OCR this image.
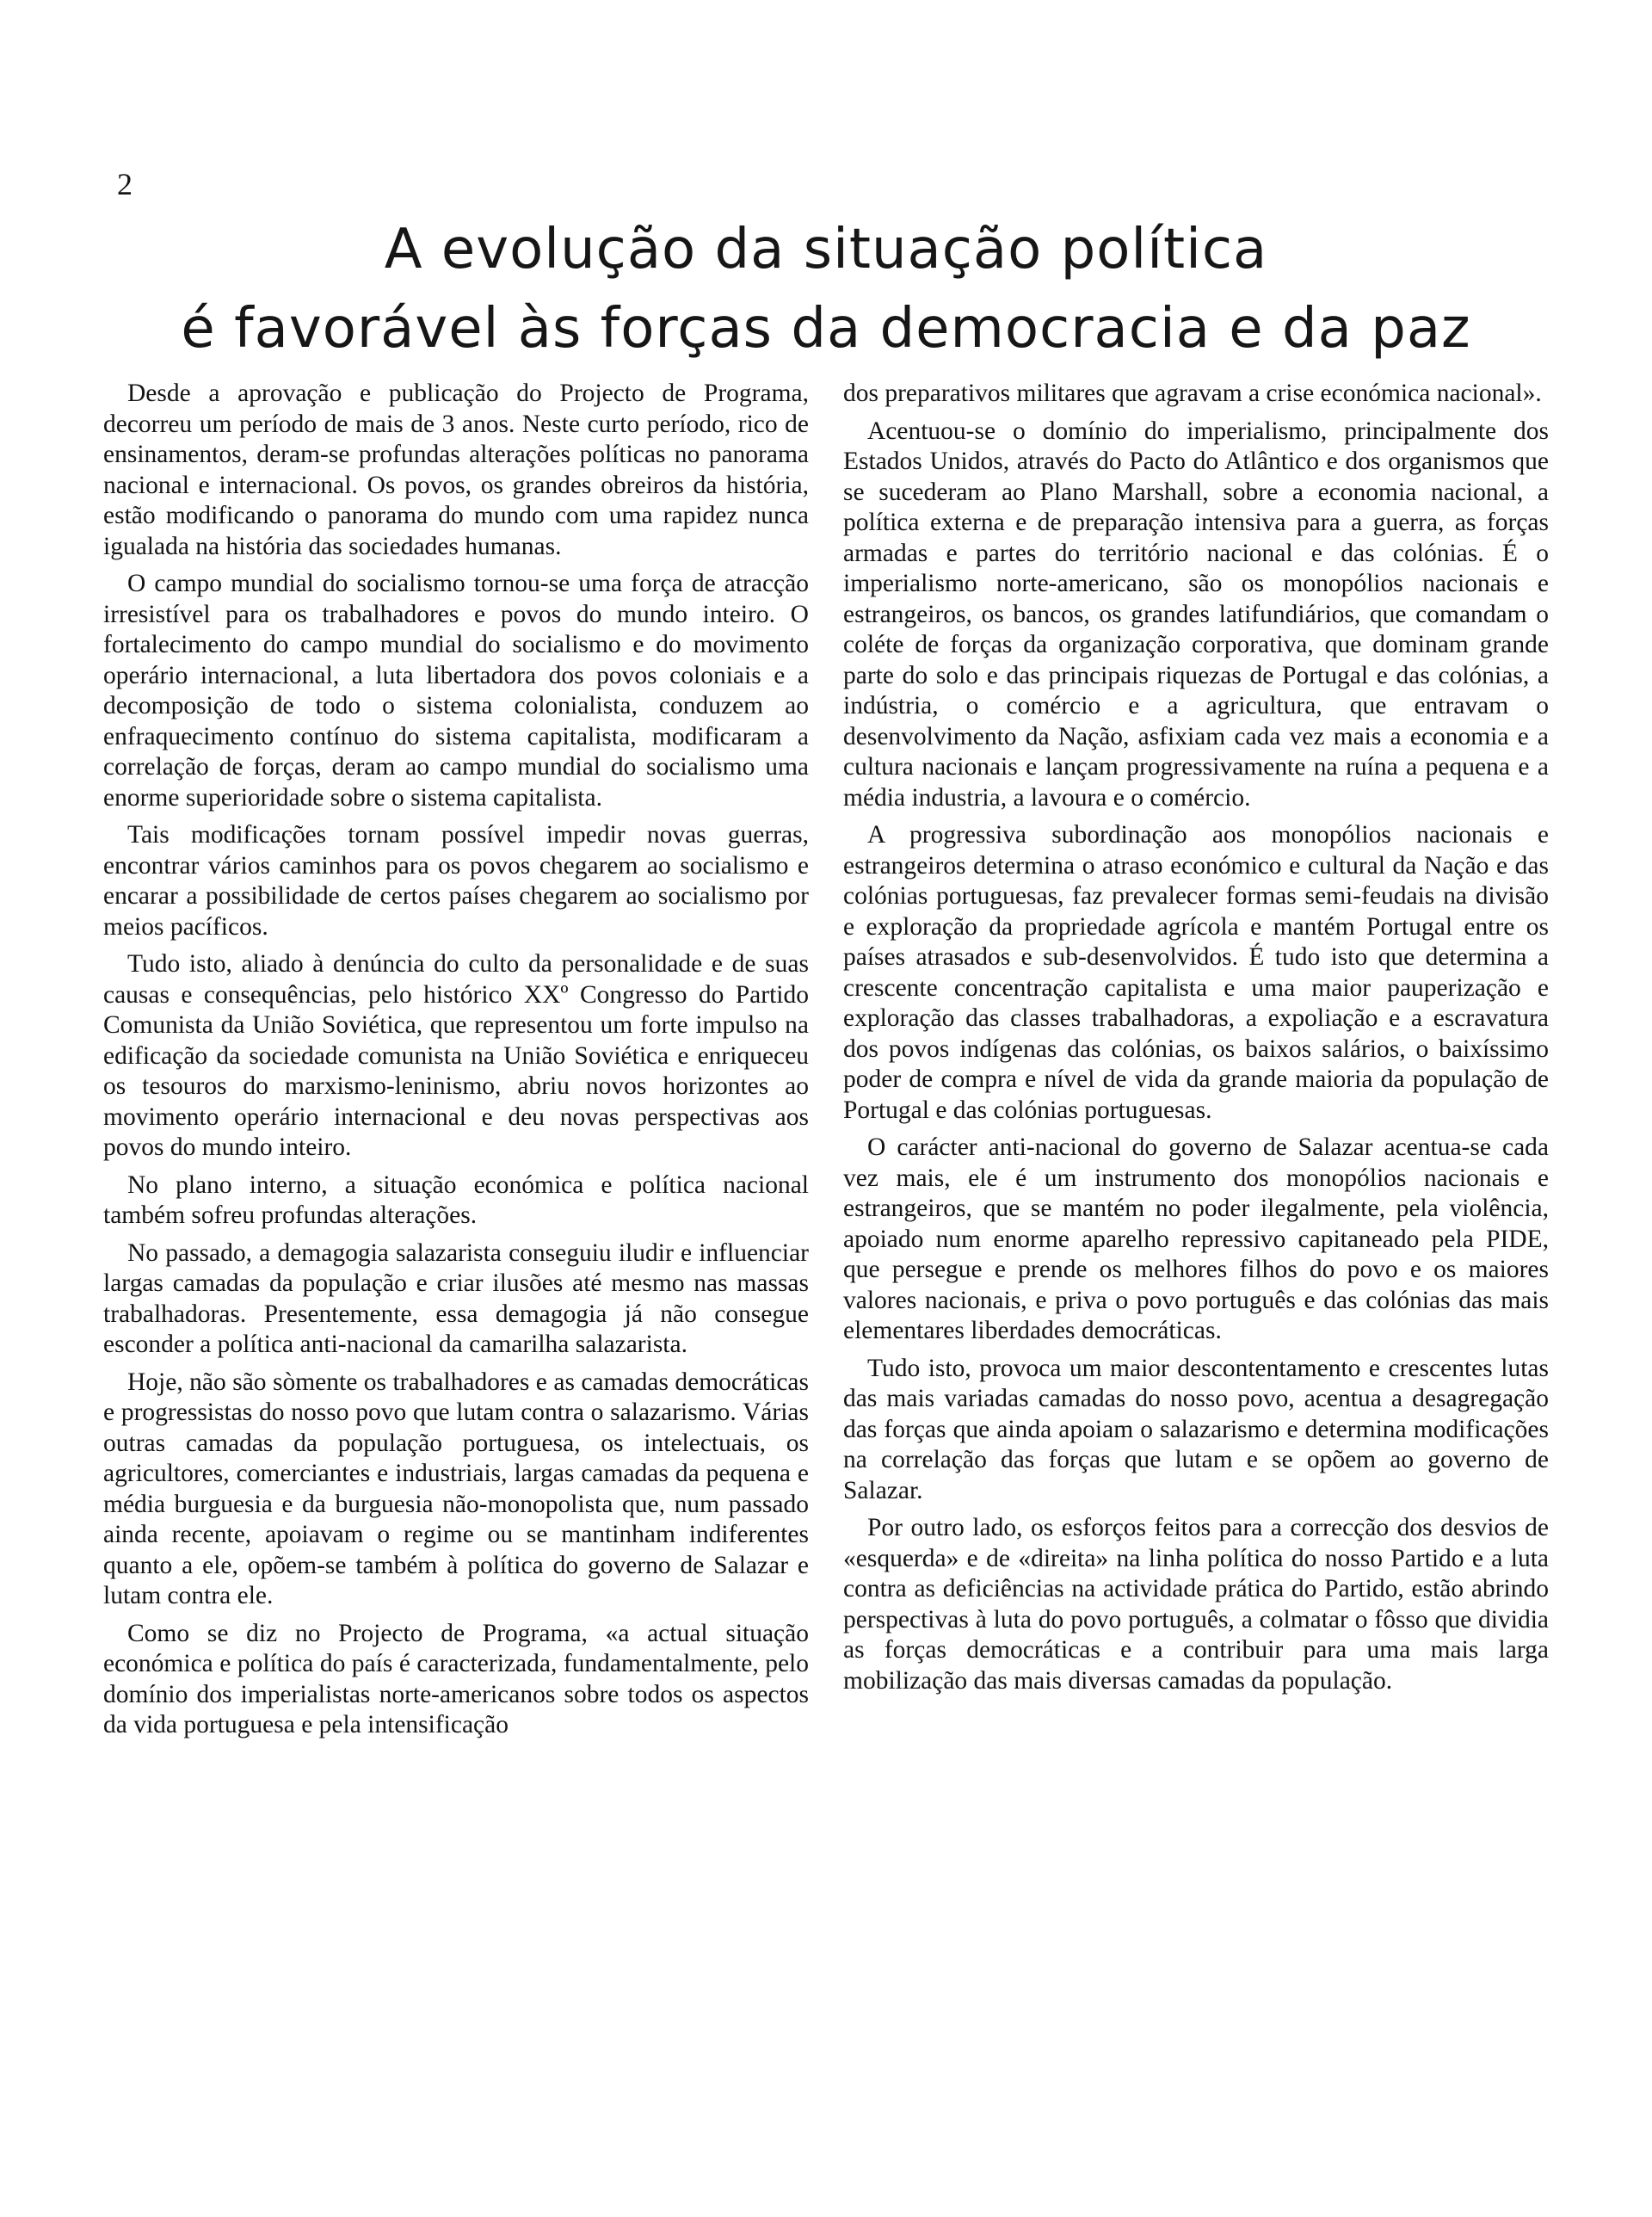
2
A evolução da situação política
é favorável às forças da democracia e da paz

Desde a aprovação e publicação do Projecto de Programa, decorreu um período de mais de 3 anos. Neste curto período, rico de ensinamentos, deram-se profundas alterações políticas no panorama nacional e internacional. Os povos, os grandes obreiros da história, estão modificando o panorama do mundo com uma rapidez nunca igualada na história das sociedades humanas.

O campo mundial do socialismo tornou-se uma força de atracção irresistível para os trabalhadores e povos do mundo inteiro. O fortalecimento do campo mundial do socialismo e do movimento operário internacional, a luta libertadora dos povos coloniais e a decomposição de todo o sistema colonialista, conduzem ao enfraquecimento contínuo do sistema capitalista, modificaram a correlação de forças, deram ao campo mundial do socialismo uma enorme superioridade sobre o sistema capitalista.

Tais modificações tornam possível impedir novas guerras, encontrar vários caminhos para os povos chegarem ao socialismo e encarar a possibilidade de certos países chegarem ao socialismo por meios pacíficos.

Tudo isto, aliado à denúncia do culto da personalidade e de suas causas e consequências, pelo histórico XXº Congresso do Partido Comunista da União Soviética, que representou um forte impulso na edificação da sociedade comunista na União Soviética e enriqueceu os tesouros do marxismo-leninismo, abriu novos horizontes ao movimento operário internacional e deu novas perspectivas aos povos do mundo inteiro.

No plano interno, a situação económica e política nacional também sofreu profundas alterações.

No passado, a demagogia salazarista conseguiu iludir e influenciar largas camadas da população e criar ilusões até mesmo nas massas trabalhadoras. Presentemente, essa demagogia já não consegue esconder a política anti-nacional da camarilha salazarista.

Hoje, não são sòmente os trabalhadores e as camadas democráticas e progressistas do nosso povo que lutam contra o salazarismo. Várias outras camadas da população portuguesa, os intelectuais, os agricultores, comerciantes e industriais, largas camadas da pequena e média burguesia e da burguesia não-monopolista que, num passado ainda recente, apoiavam o regime ou se mantinham indiferentes quanto a ele, opõem-se também à política do governo de Salazar e lutam contra ele.

Como se diz no Projecto de Programa, «a actual situação económica e política do país é caracterizada, fundamentalmente, pelo domínio dos imperialistas norte-americanos sobre todos os aspectos da vida portuguesa e pela intensificação

dos preparativos militares que agravam a crise económica nacional».

Acentuou-se o domínio do imperialismo, principalmente dos Estados Unidos, através do Pacto do Atlântico e dos organismos que se sucederam ao Plano Marshall, sobre a economia nacional, a política externa e de preparação intensiva para a guerra, as forças armadas e partes do território nacional e das colónias. É o imperialismo norte-americano, são os monopólios nacionais e estrangeiros, os bancos, os grandes latifundiários, que comandam o coléte de forças da organização corporativa, que dominam grande parte do solo e das principais riquezas de Portugal e das colónias, a indústria, o comércio e a agricultura, que entravam o desenvolvimento da Nação, asfixiam cada vez mais a economia e a cultura nacionais e lançam progressivamente na ruína a pequena e a média industria, a lavoura e o comércio.

A progressiva subordinação aos monopólios nacionais e estrangeiros determina o atraso económico e cultural da Nação e das colónias portuguesas, faz prevalecer formas semi-feudais na divisão e exploração da propriedade agrícola e mantém Portugal entre os países atrasados e sub-desenvolvidos. É tudo isto que determina a crescente concentração capitalista e uma maior pauperização e exploração das classes trabalhadoras, a expoliação e a escravatura dos povos indígenas das colónias, os baixos salários, o baixíssimo poder de compra e nível de vida da grande maioria da população de Portugal e das colónias portuguesas.

O carácter anti-nacional do governo de Salazar acentua-se cada vez mais, ele é um instrumento dos monopólios nacionais e estrangeiros, que se mantém no poder ilegalmente, pela violência, apoiado num enorme aparelho repressivo capitaneado pela PIDE, que persegue e prende os melhores filhos do povo e os maiores valores nacionais, e priva o povo português e das colónias das mais elementares liberdades democráticas.

Tudo isto, provoca um maior descontentamento e crescentes lutas das mais variadas camadas do nosso povo, acentua a desagregação das forças que ainda apoiam o salazarismo e determina modificações na correlação das forças que lutam e se opõem ao governo de Salazar.

Por outro lado, os esforços feitos para a correcção dos desvios de «esquerda» e de «direita» na linha política do nosso Partido e a luta contra as deficiências na actividade prática do Partido, estão abrindo perspectivas à luta do povo português, a colmatar o fôsso que dividia as forças democráticas e a contribuir para uma mais larga mobilização das mais diversas camadas da população.
